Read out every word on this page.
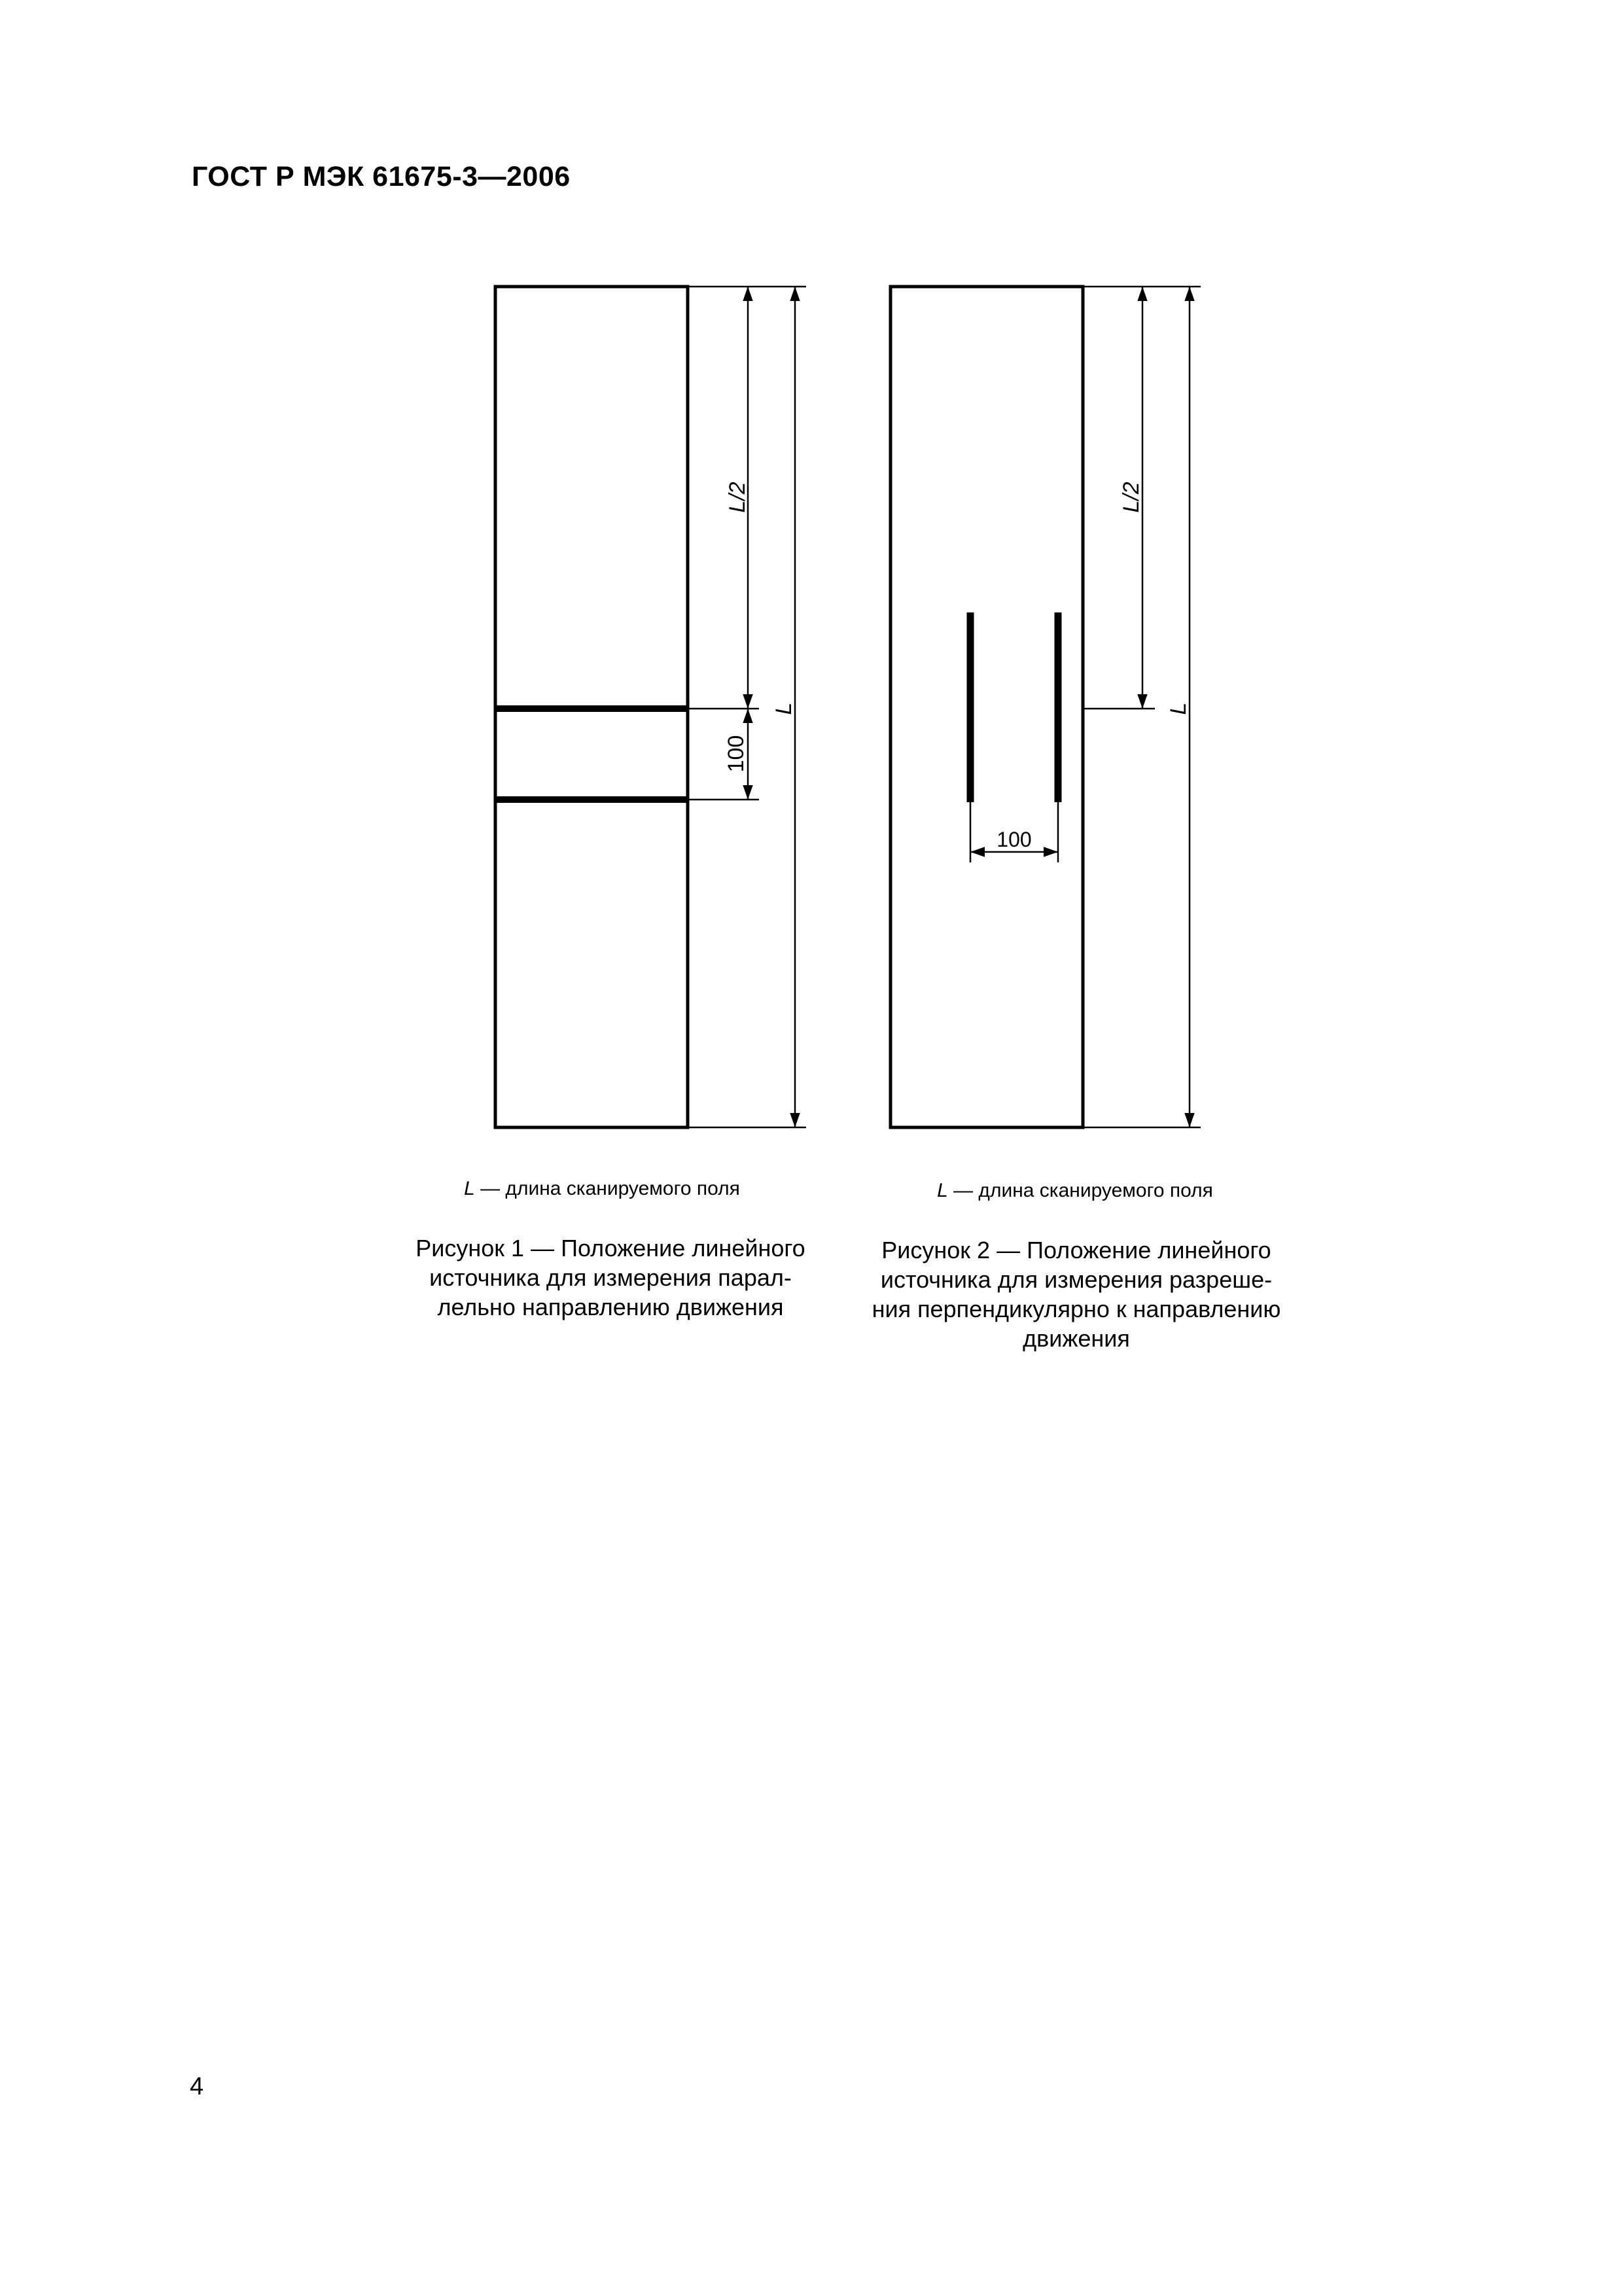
ГОСТ Р МЭК 61675-3—2006
L/2
100
L
L — длина сканируемого поля
Рисунок 1 — Положение линейного
источника для измерения парал-
лельно направлению движения
L/2
L
100
L — длина сканируемого поля
Рисунок 2 — Положение линейного
источника для измерения разреше-
ния перпендикулярно к направлению
движения
4
